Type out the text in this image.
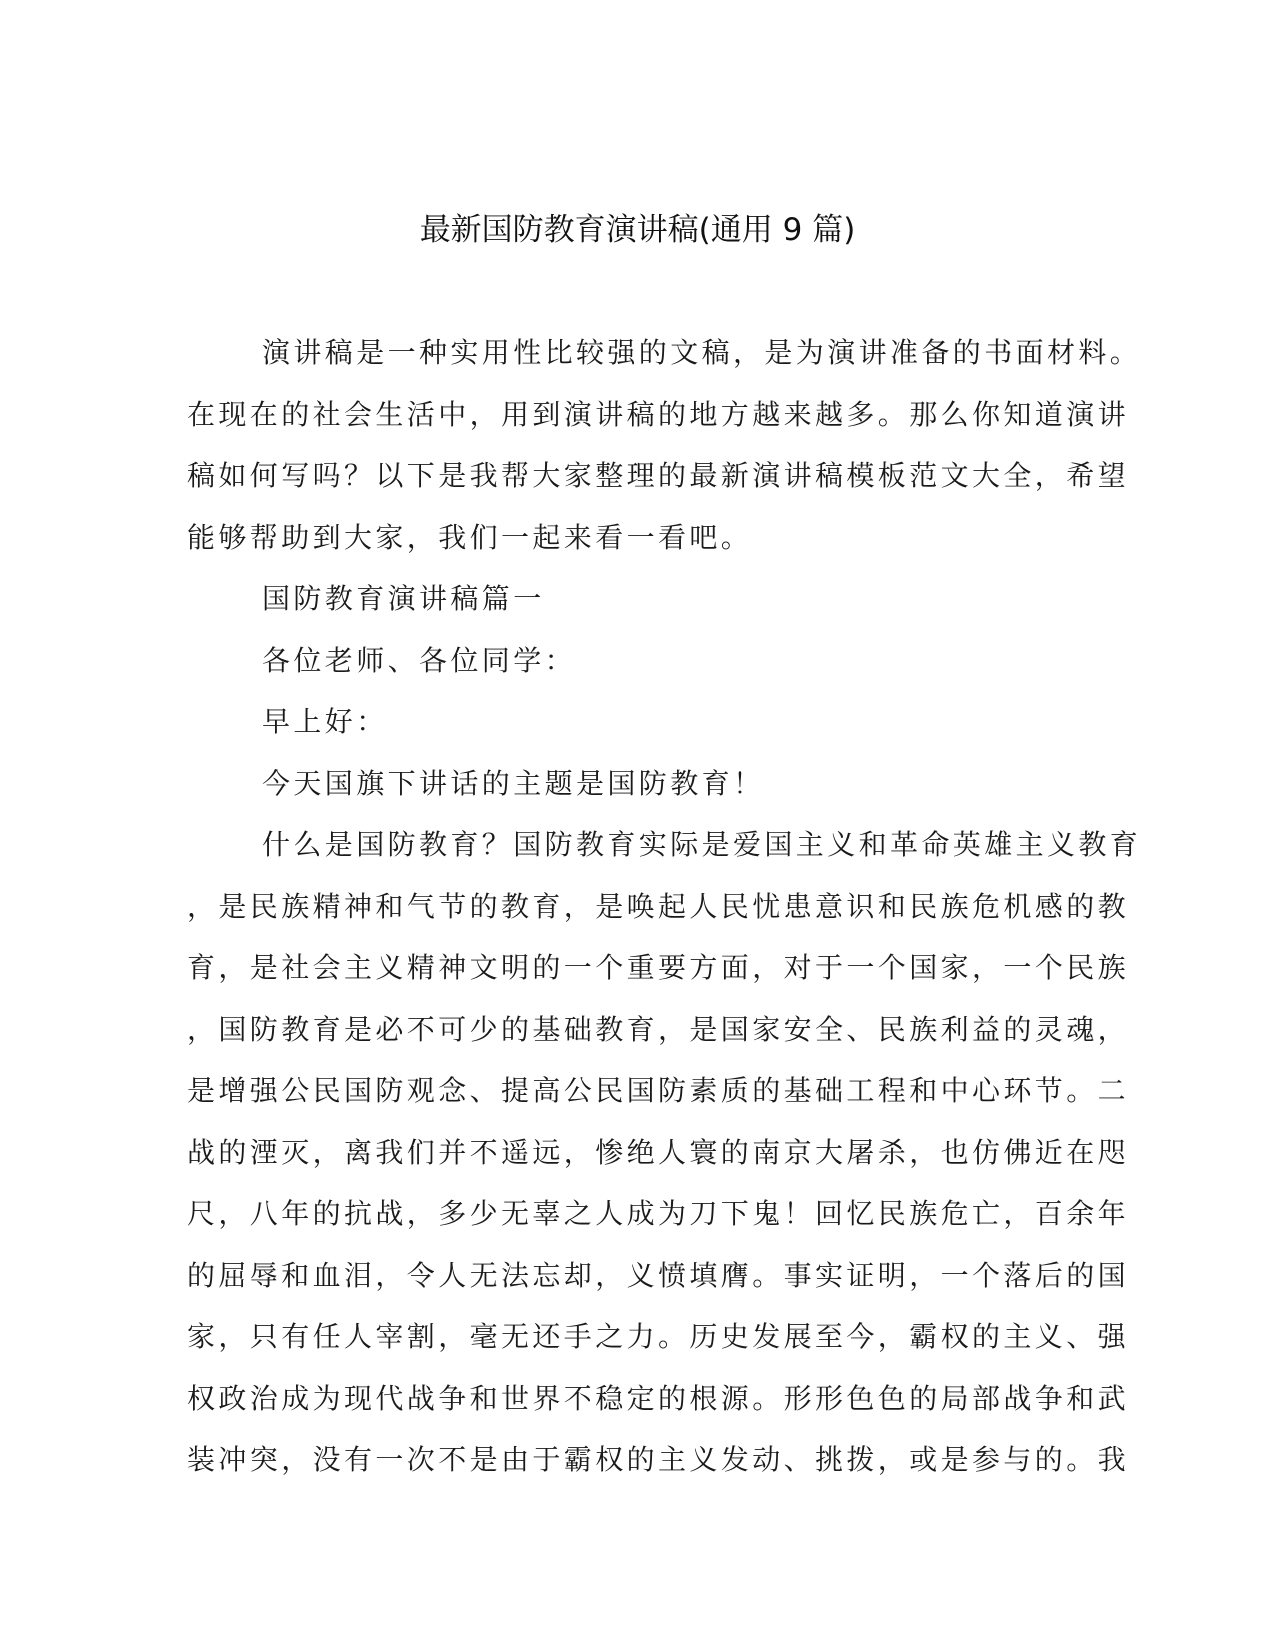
最新国防教育演讲稿(通用 9 篇)
演讲稿是一种实用性比较强的文稿，是为演讲准备的书面材料。
在现在的社会生活中，用到演讲稿的地方越来越多。那么你知道演讲
稿如何写吗？以下是我帮大家整理的最新演讲稿模板范文大全，希望
能够帮助到大家，我们一起来看一看吧。
国防教育演讲稿篇一
各位老师、各位同学：
早上好：
今天国旗下讲话的主题是国防教育！
什么是国防教育？国防教育实际是爱国主义和革命英雄主义教育
，是民族精神和气节的教育，是唤起人民忧患意识和民族危机感的教
育，是社会主义精神文明的一个重要方面，对于一个国家，一个民族
，国防教育是必不可少的基础教育，是国家安全、民族利益的灵魂，
是增强公民国防观念、提高公民国防素质的基础工程和中心环节。二
战的湮灭，离我们并不遥远，惨绝人寰的南京大屠杀，也仿佛近在咫
尺，八年的抗战，多少无辜之人成为刀下鬼！回忆民族危亡，百余年
的屈辱和血泪，令人无法忘却，义愤填膺。事实证明，一个落后的国
家，只有任人宰割，毫无还手之力。历史发展至今，霸权的主义、强
权政治成为现代战争和世界不稳定的根源。形形色色的局部战争和武
装冲突，没有一次不是由于霸权的主义发动、挑拨，或是参与的。我
